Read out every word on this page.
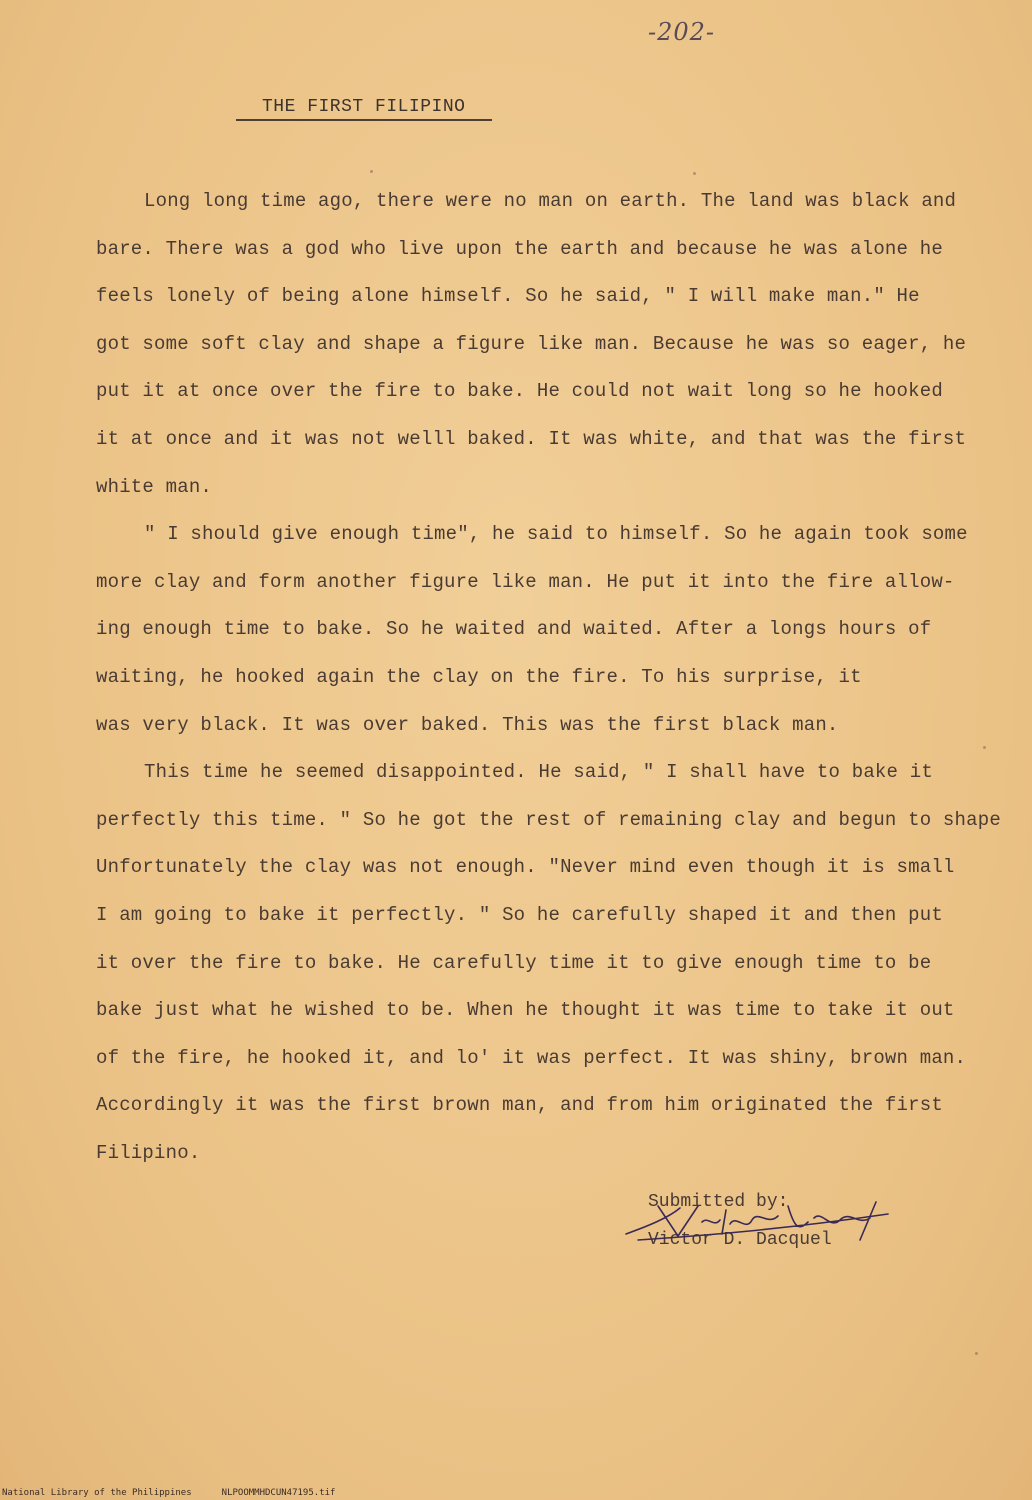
-202-
THE FIRST FILIPINO
Long long time ago, there were no man on earth. The land was black and
bare. There was a god who live upon the earth and because he was alone he
feels lonely of being alone himself. So he said, " I will make man." He
got some soft clay and shape a figure like man. Because he was so eager, he
put it at once over the fire to bake. He could not wait long so he hooked
it at once and it was not welll baked. It was white, and that was the first
white man.
" I should give enough time", he said to himself. So he again took some
more clay and form another figure like man. He put it into the fire allow-
ing enough time to bake. So he waited and waited. After a longs hours of
waiting, he hooked again the clay on the fire. To his surprise, it
was very black. It was over baked. This was the first black man.
This time he seemed disappointed. He said, " I shall have to bake it
perfectly this time. " So he got the rest of remaining clay and begun to shape
Unfortunately the clay was not enough. "Never mind even though it is small
I am going to bake it perfectly. " So he carefully shaped it and then put
it over the fire to bake. He carefully time it to give enough time to be
bake just what he wished to be. When he thought it was time to take it out
of the fire, he hooked it, and lo' it was perfect. It was shiny, brown man.
Accordingly it was the first brown man, and from him originated the first
Filipino.
Submitted by:
Victor D. Dacquel
National Library of the Philippines	NLPOOMMHDCUN47195.tif
